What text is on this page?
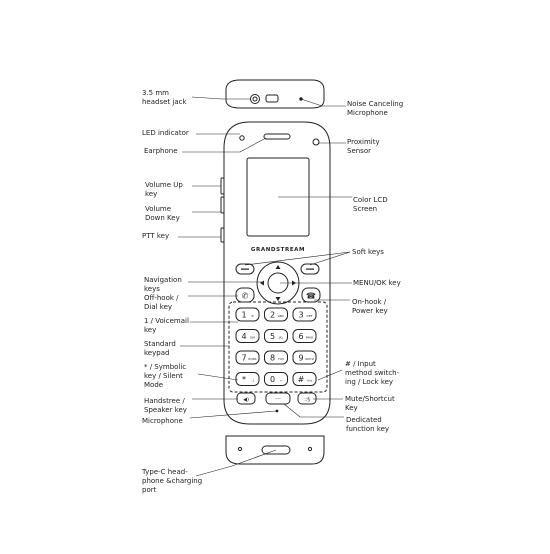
✆	☎
GRANDSTREAM
1 ✉ 2 ABC 3 DEF
4 GHI 5	JKL 6 MNO
7 PQRS 8 TUV 9 WXYZ
* .,/ 0 + # A/a
◀)	···	::§
3.5 mm
headset jack	Noise Canceling
Microphone
LED indicator
Earphone
Proximity
Sensor
Volume Up
key
Volume
Down Key
Color LCD
Screen
PTT key
Soft keys
Navigation
keys
MENU/OK key
Off-hook /
Dial key
On-hook /
Power key
1 / Voicemail
key
Standard
keypad
* / Symbolic
key / Silent
Mode
# / Input
method switch-
ing / Lock key
Handstree /
Speaker key
Mute/Shortcut
Key
Microphone	Dedicated
function key
Type-C head-
phone &charging
port
